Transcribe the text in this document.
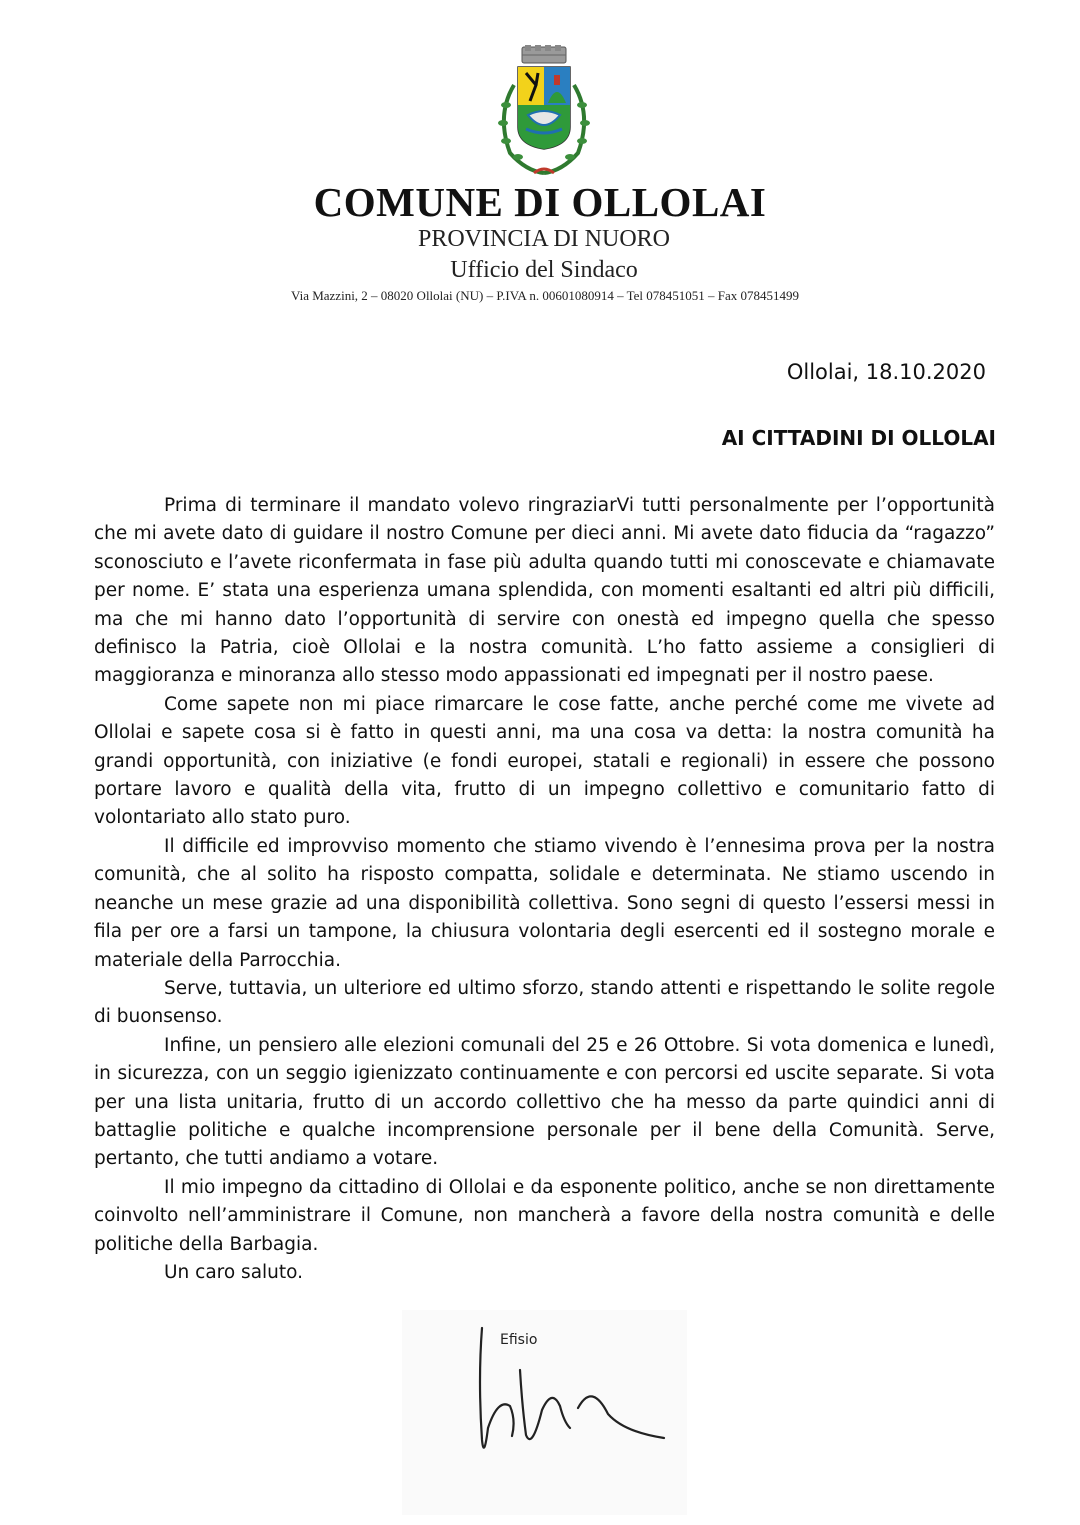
COMUNE DI OLLOLAI
PROVINCIA DI NUORO
Ufficio del Sindaco
Via Mazzini, 2 – 08020 Ollolai (NU) – P.IVA n. 00601080914 – Tel 078451051 – Fax 078451499
Ollolai, 18.10.2020
AI CITTADINI DI OLLOLAI

Prima di terminare il mandato volevo ringraziarVi tutti personalmente per l’opportunità che mi avete dato di guidare il nostro Comune per dieci anni. Mi avete dato fiducia da “ragazzo” sconosciuto e l’avete riconfermata in fase più adulta quando tutti mi conoscevate e chiamavate per nome. E’ stata una esperienza umana splendida, con momenti esaltanti ed altri più difficili, ma che mi hanno dato l’opportunità di servire con onestà ed impegno quella che spesso definisco la Patria, cioè Ollolai e la nostra comunità. L’ho fatto assieme a consiglieri di maggioranza e minoranza allo stesso modo appassionati ed impegnati per il nostro paese.

Come sapete non mi piace rimarcare le cose fatte, anche perché come me vivete ad Ollolai e sapete cosa si è fatto in questi anni, ma una cosa va detta: la nostra comunità ha grandi opportunità, con iniziative (e fondi europei, statali e regionali) in essere che possono portare lavoro e qualità della vita, frutto di un impegno collettivo e comunitario fatto di volontariato allo stato puro.

Il difficile ed improvviso momento che stiamo vivendo è l’ennesima prova per la nostra comunità, che al solito ha risposto compatta, solidale e determinata. Ne stiamo uscendo in neanche un mese grazie ad una disponibilità collettiva. Sono segni di questo l’essersi messi in fila per ore a farsi un tampone, la chiusura volontaria degli esercenti ed il sostegno morale e materiale della Parrocchia.

Serve, tuttavia, un ulteriore ed ultimo sforzo, stando attenti e rispettando le solite regole di buonsenso.

Infine, un pensiero alle elezioni comunali del 25 e 26 Ottobre. Si vota domenica e lunedì, in sicurezza, con un seggio igienizzato continuamente e con percorsi ed uscite separate. Si vota per una lista unitaria, frutto di un accordo collettivo che ha messo da parte quindici anni di battaglie politiche e qualche incomprensione personale per il bene della Comunità. Serve, pertanto, che tutti andiamo a votare.

Il mio impegno da cittadino di Ollolai e da esponente politico, anche se non direttamente coinvolto nell’amministrare il Comune, non mancherà a favore della nostra comunità e delle politiche della Barbagia.

Un caro saluto.

Efisio
